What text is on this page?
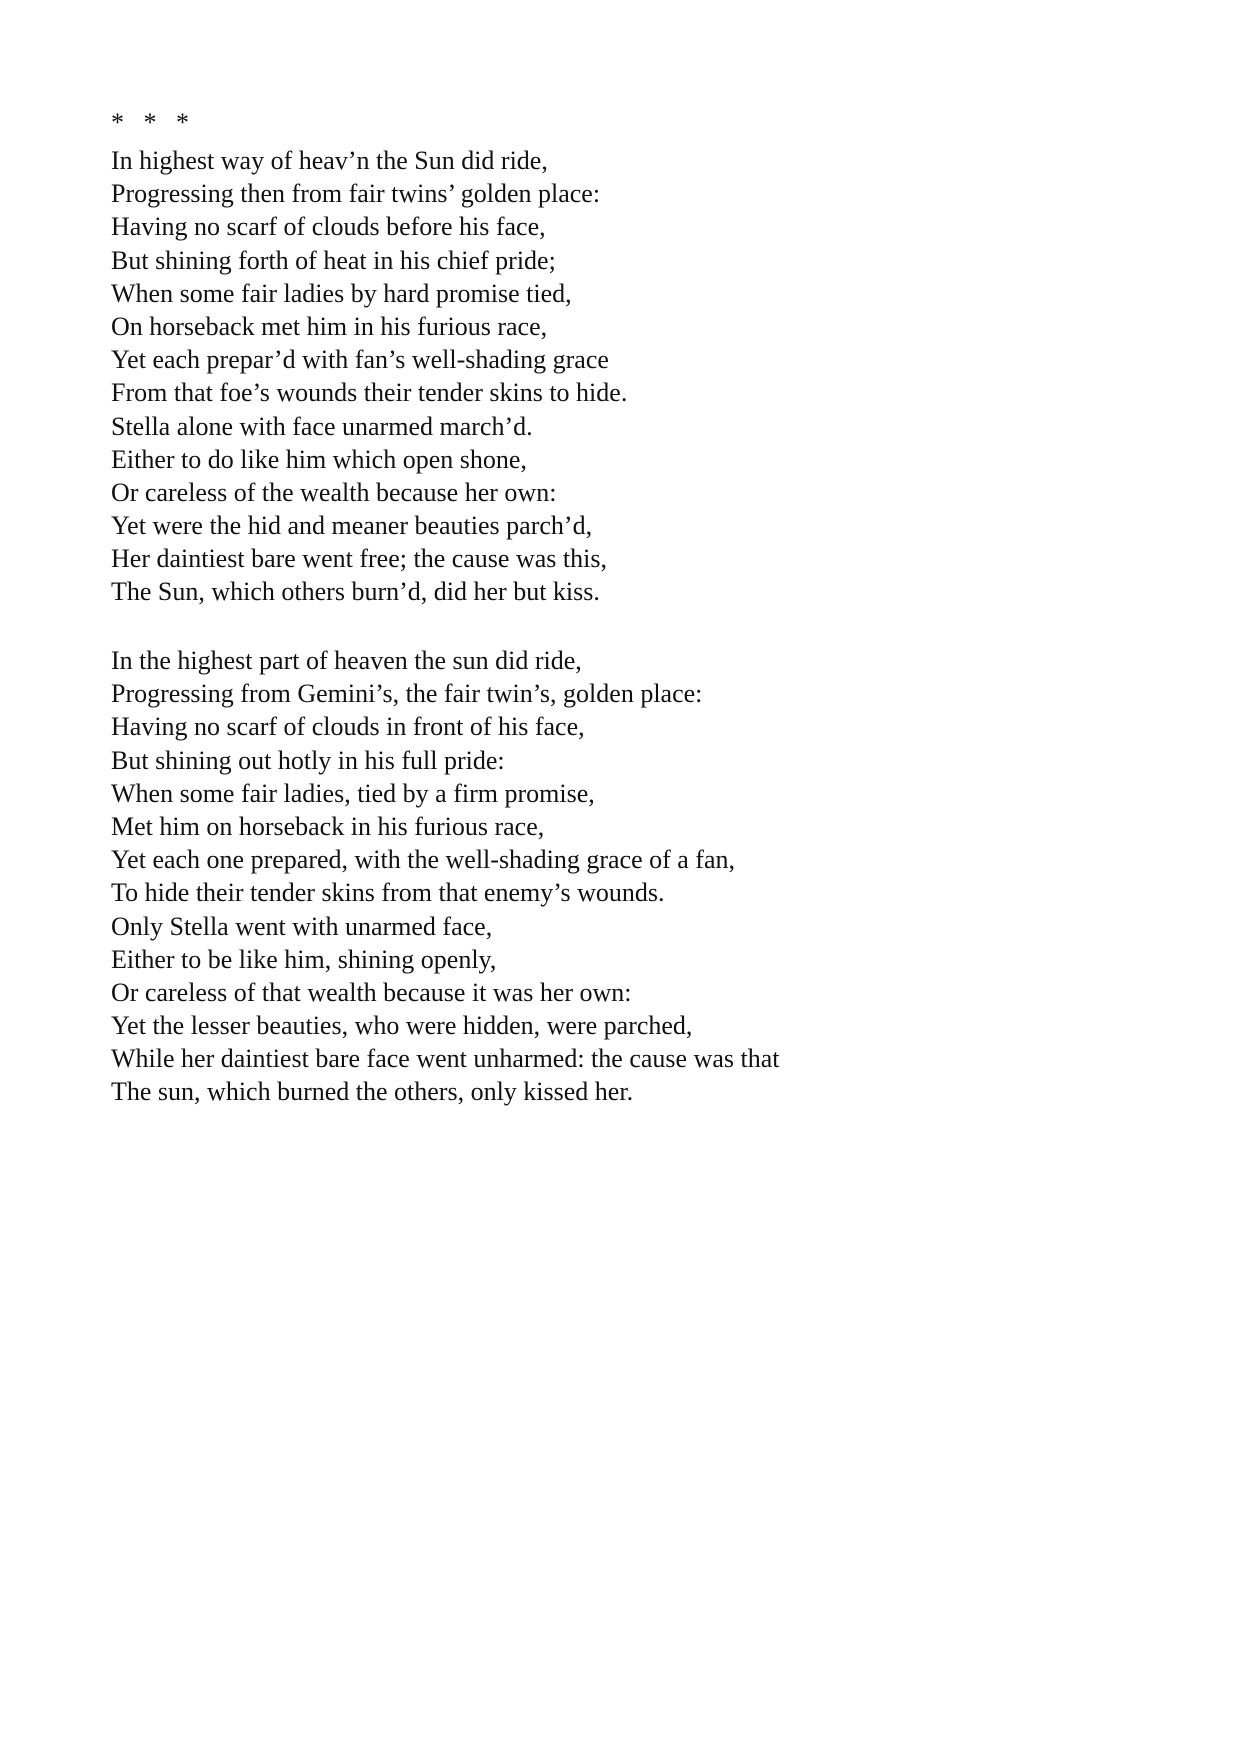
*   *   *
In highest way of heav’n the Sun did ride,
Progressing then from fair twins’ golden place:
Having no scarf of clouds before his face,
But shining forth of heat in his chief pride;
When some fair ladies by hard promise tied,
On horseback met him in his furious race,
Yet each prepar’d with fan’s well-shading grace
From that foe’s wounds their tender skins to hide.
Stella alone with face unarmed march’d.
Either to do like him which open shone,
Or careless of the wealth because her own:
Yet were the hid and meaner beauties parch’d,
Her daintiest bare went free; the cause was this,
The Sun, which others burn’d, did her but kiss.
In the highest part of heaven the sun did ride,
Progressing from Gemini’s, the fair twin’s, golden place:
Having no scarf of clouds in front of his face,
But shining out hotly in his full pride:
When some fair ladies, tied by a firm promise,
Met him on horseback in his furious race,
Yet each one prepared, with the well-shading grace of a fan,
To hide their tender skins from that enemy’s wounds.
Only Stella went with unarmed face,
Either to be like him, shining openly,
Or careless of that wealth because it was her own:
Yet the lesser beauties, who were hidden, were parched,
While her daintiest bare face went unharmed: the cause was that
The sun, which burned the others, only kissed her.
